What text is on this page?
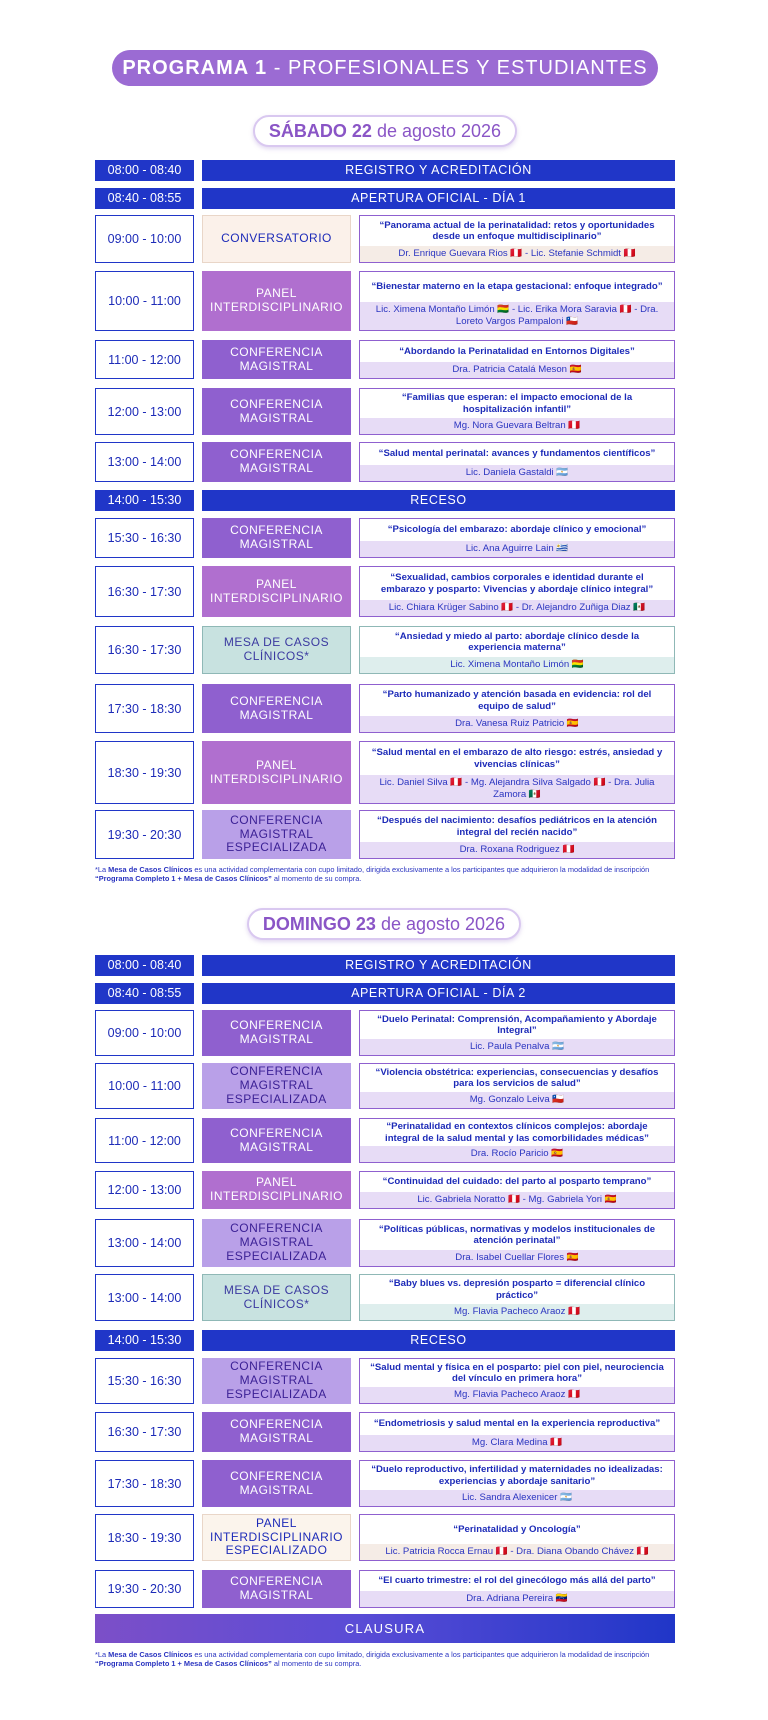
PROGRAMA 1 - PROFESIONALES Y ESTUDIANTES
SÁBADO 22 de agosto 2026
08:00 - 08:40	REGISTRO Y ACREDITACIÓN
08:40 - 08:55	APERTURA OFICIAL - DÍA 1
09:00 - 10:00	CONVERSATORIO
“Panorama actual de la perinatalidad: retos y oportunidades desde un enfoque multidisciplinario”
Dr. Enrique Guevara Rios 🇵🇪 - Lic. Stefanie Schmidt 🇵🇪
10:00 - 11:00
PANEL
INTERDISCIPLINARIO
“Bienestar materno en la etapa gestacional: enfoque integrado”
Lic. Ximena Montaño Limón 🇧🇴 - Lic. Erika Mora Saravia 🇵🇪 - Dra. Loreto Vargos Pampaloni 🇨🇱
11:00 - 12:00
CONFERENCIA
MAGISTRAL
“Abordando la Perinatalidad en Entornos Digitales”
Dra. Patricia Catalá Meson 🇪🇸
12:00 - 13:00
CONFERENCIA
MAGISTRAL
“Familias que esperan: el impacto emocional de la hospitalización infantil”
Mg. Nora Guevara Beltran 🇵🇪
13:00 - 14:00
CONFERENCIA
MAGISTRAL
“Salud mental perinatal: avances y fundamentos científicos”
Lic. Daniela Gastaldi 🇦🇷
14:00 - 15:30	RECESO
15:30 - 16:30
CONFERENCIA
MAGISTRAL
“Psicología del embarazo: abordaje clínico y emocional”
Lic. Ana Aguirre Lain 🇺🇾
16:30 - 17:30
PANEL
INTERDISCIPLINARIO
“Sexualidad, cambios corporales e identidad durante el embarazo y posparto: Vivencias y abordaje clínico integral”
Lic. Chiara Krüger Sabino 🇵🇪 - Dr. Alejandro Zuñiga Diaz 🇲🇽
16:30 - 17:30
MESA DE CASOS
CLÍNICOS*
“Ansiedad y miedo al parto: abordaje clínico desde la experiencia materna”
Lic. Ximena Montaño Limón 🇧🇴
17:30 - 18:30
CONFERENCIA
MAGISTRAL
“Parto humanizado y atención basada en evidencia: rol del equipo de salud”
Dra. Vanesa Ruiz Patricio 🇪🇸
18:30 - 19:30
PANEL
INTERDISCIPLINARIO
“Salud mental en el embarazo de alto riesgo: estrés, ansiedad y vivencias clínicas”
Lic. Daniel Silva 🇵🇪 - Mg. Alejandra Silva Salgado 🇵🇪 - Dra. Julia Zamora 🇲🇽
19:30 - 20:30
CONFERENCIA
MAGISTRAL
ESPECIALIZADA
“Después del nacimiento: desafíos pediátricos en la atención integral del recién nacido”
Dra. Roxana Rodriguez 🇵🇪
*La Mesa de Casos Clínicos es una actividad complementaria con cupo limitado, dirigida exclusivamente a los participantes que adquirieron la modalidad de inscripción “Programa Completo 1 + Mesa de Casos Clínicos” al momento de su compra.
DOMINGO 23 de agosto 2026
08:00 - 08:40	REGISTRO Y ACREDITACIÓN
08:40 - 08:55	APERTURA OFICIAL - DÍA 2
09:00 - 10:00
CONFERENCIA
MAGISTRAL
“Duelo Perinatal: Comprensión, Acompañamiento y Abordaje Integral”
Lic. Paula Penalva 🇦🇷
10:00 - 11:00
CONFERENCIA
MAGISTRAL
ESPECIALIZADA
“Violencia obstétrica: experiencias, consecuencias y desafíos para los servicios de salud”
Mg. Gonzalo Leiva 🇨🇱
11:00 - 12:00
CONFERENCIA
MAGISTRAL
“Perinatalidad en contextos clínicos complejos: abordaje integral de la salud mental y las comorbilidades médicas”
Dra. Rocío Paricio 🇪🇸
12:00 - 13:00
PANEL
INTERDISCIPLINARIO
“Continuidad del cuidado: del parto al posparto temprano”
Lic. Gabriela Noratto 🇵🇪 - Mg. Gabriela Yori 🇪🇸
13:00 - 14:00
CONFERENCIA
MAGISTRAL
ESPECIALIZADA
“Políticas públicas, normativas y modelos institucionales de atención perinatal”
Dra. Isabel Cuellar Flores 🇪🇸
13:00 - 14:00
MESA DE CASOS
CLÍNICOS*
“Baby blues vs. depresión posparto = diferencial clínico práctico”
Mg. Flavia Pacheco Araoz 🇵🇪
14:00 - 15:30	RECESO
15:30 - 16:30
CONFERENCIA
MAGISTRAL
ESPECIALIZADA
“Salud mental y física en el posparto: piel con piel, neurociencia del vínculo en primera hora”
Mg. Flavia Pacheco Araoz 🇵🇪
16:30 - 17:30
CONFERENCIA
MAGISTRAL
“Endometriosis y salud mental en la experiencia reproductiva”
Mg. Clara Medina 🇵🇪
17:30 - 18:30
CONFERENCIA
MAGISTRAL
“Duelo reproductivo, infertilidad y maternidades no idealizadas: experiencias y abordaje sanitario”
Lic. Sandra Alexenicer 🇦🇷
18:30 - 19:30
PANEL
INTERDISCIPLINARIO
ESPECIALIZADO
“Perinatalidad y Oncología”
Lic. Patricia Rocca Ernau 🇵🇪 - Dra. Diana Obando Chávez 🇵🇪
19:30 - 20:30
CONFERENCIA
MAGISTRAL
“El cuarto trimestre: el rol del ginecólogo más allá del parto”
Dra. Adriana Pereira 🇻🇪
*La Mesa de Casos Clínicos es una actividad complementaria con cupo limitado, dirigida exclusivamente a los participantes que adquirieron la modalidad de inscripción “Programa Completo 1 + Mesa de Casos Clínicos” al momento de su compra.
CLAUSURA
